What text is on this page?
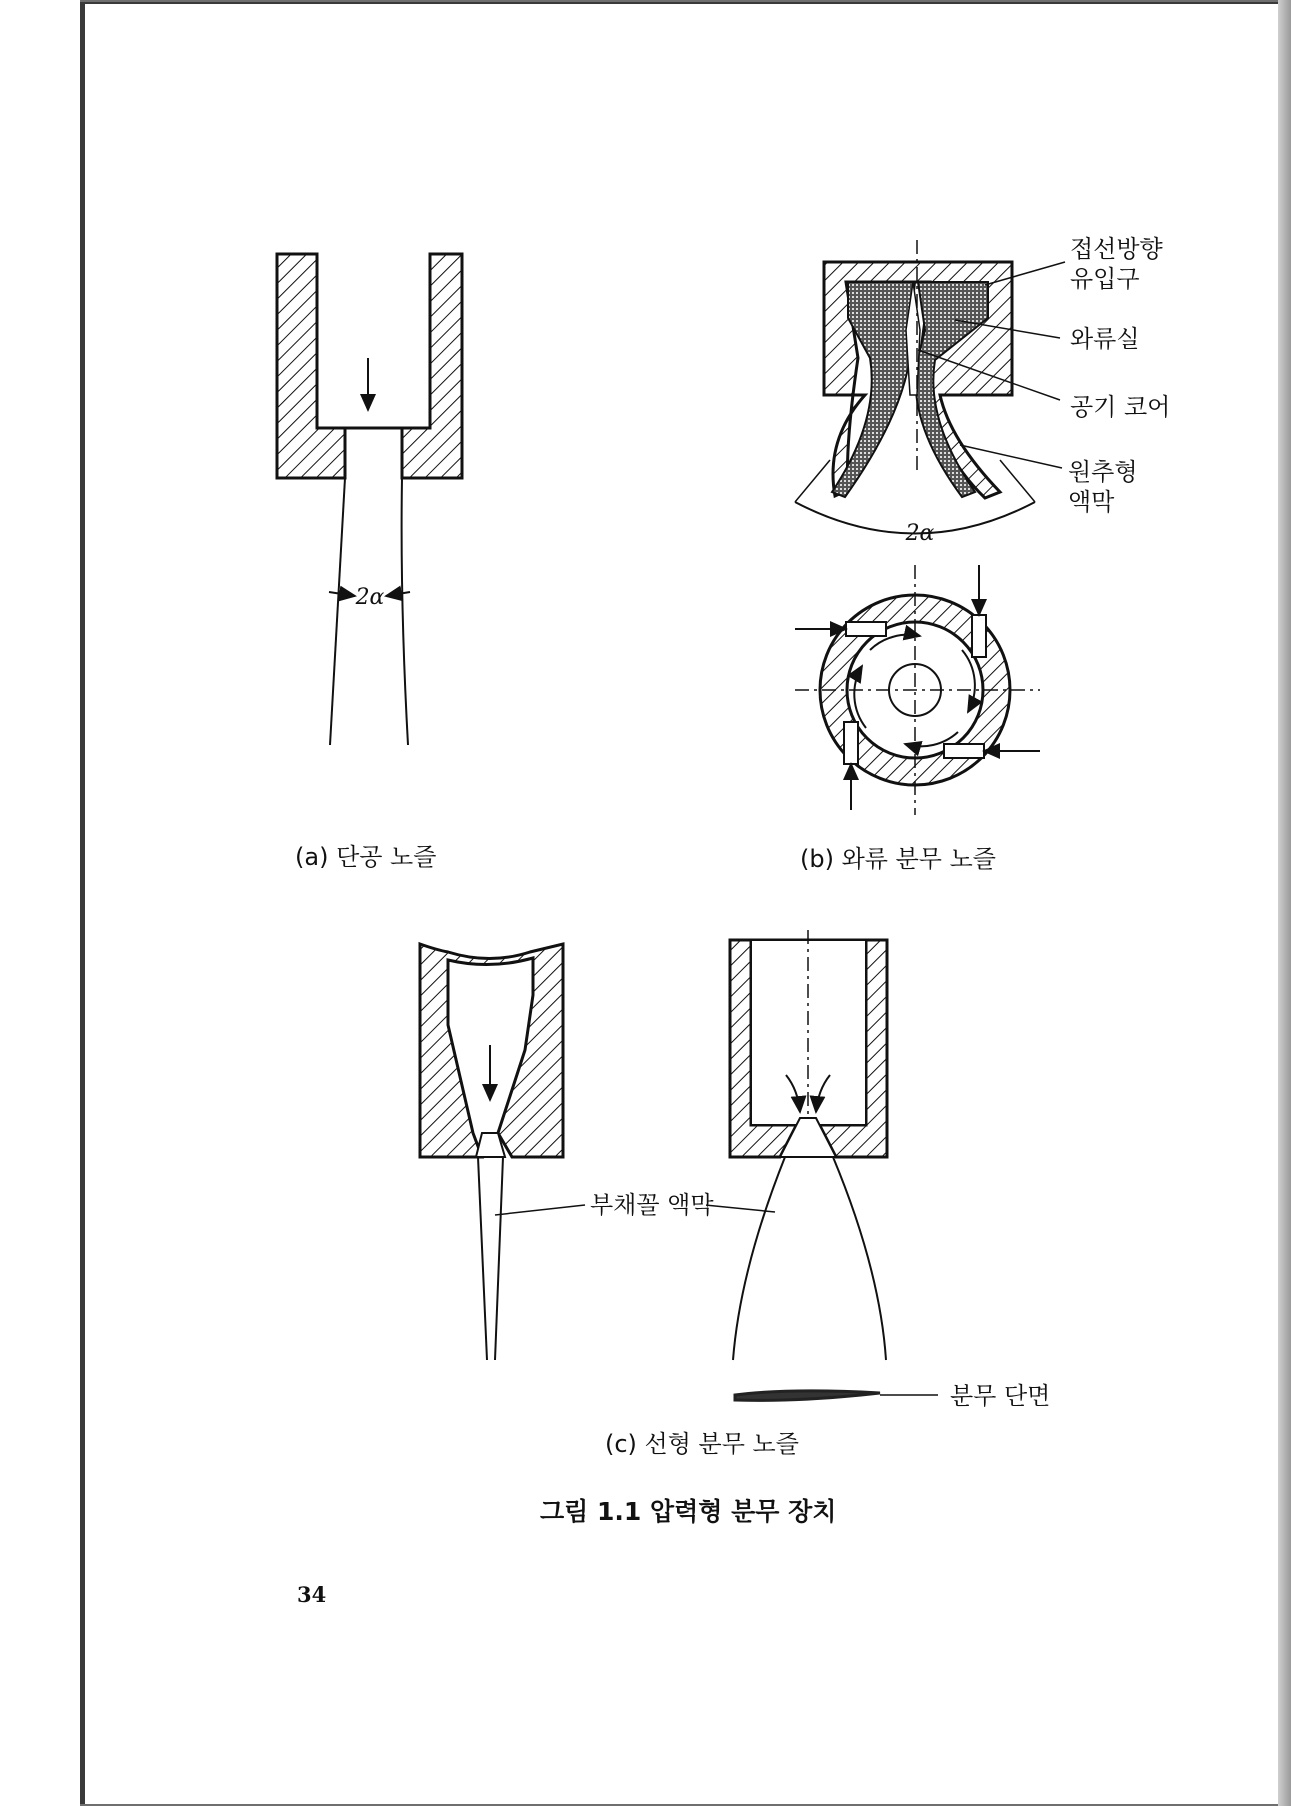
2α
(a) 단공 노즐
2α
접선방향
유입구
와류실
공기 코어
원추형
액막
(b) 와류 분무 노즐
부채꼴 액막
분무 단면
(c) 선형 분무 노즐
그림 1.1 압력형 분무 장치
34
